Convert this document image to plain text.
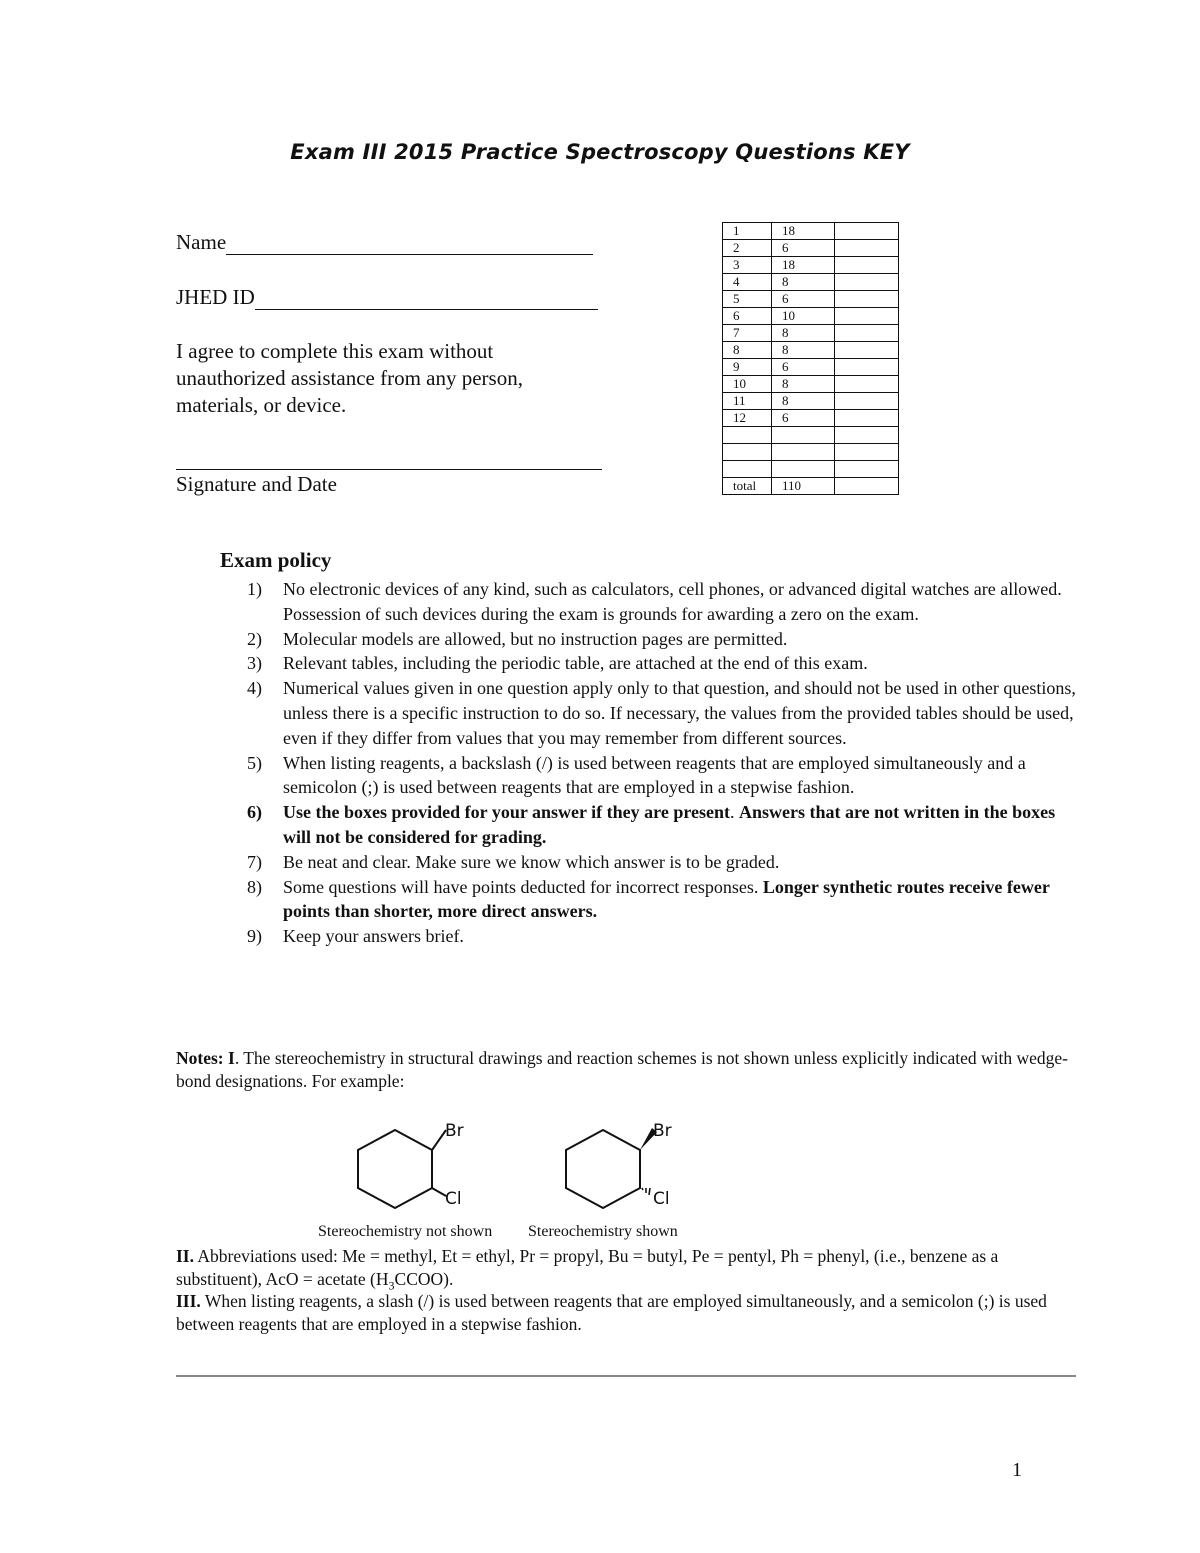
Exam III 2015 Practice Spectroscopy Questions KEY
Name
JHED ID
I agree to complete this exam without unauthorized assistance from any person, materials, or device.
Signature and Date
1	18	
2	6	
3	18	
4	8	
5	6	
6	10	
7	8	
8	8	
9	6	
10	8	
11	8	
12	6	

total	110	
Exam policy
1)	No electronic devices of any kind, such as calculators, cell phones, or advanced digital watches are allowed. Possession of such devices during the exam is grounds for awarding a zero on the exam.
2)	Molecular models are allowed, but no instruction pages are permitted.
3)	Relevant tables, including the periodic table, are attached at the end of this exam.
4)	Numerical values given in one question apply only to that question, and should not be used in other questions, unless there is a specific instruction to do so. If necessary, the values from the provided tables should be used, even if they differ from values that you may remember from different sources.
5)	When listing reagents, a backslash (/) is used between reagents that are employed simultaneously and a semicolon (;) is used between reagents that are employed in a stepwise fashion.
6)	Use the boxes provided for your answer if they are present. Answers that are not written in the boxes will not be considered for grading.
7)	Be neat and clear. Make sure we know which answer is to be graded.
8)	Some questions will have points deducted for incorrect responses. Longer synthetic routes receive fewer points than shorter, more direct answers.
9)	Keep your answers brief.
Notes: I. The stereochemistry in structural drawings and reaction schemes is not shown unless explicitly indicated with wedge-bond designations. For example:
Br
Cl
Br
Cl
Stereochemistry not shown Stereochemistry shown
II. Abbreviations used: Me = methyl, Et = ethyl, Pr = propyl, Bu = butyl, Pe = pentyl, Ph = phenyl, (i.e., benzene as a substituent), AcO = acetate $(H_3CCOO)$.
III. When listing reagents, a slash (/) is used between reagents that are employed simultaneously, and a semicolon (;) is used between reagents that are employed in a stepwise fashion.
1
